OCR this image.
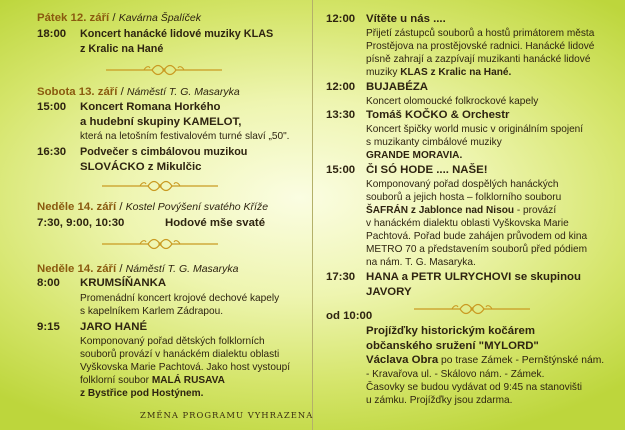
Pátek 12. září / Kavárna Špalíček
18:00 Koncert hanácké lidové muziky KLAS
z Kralic na Hané
Sobota 13. září / Náměstí T. G. Masaryka
15:00 Koncert Romana Horkého
a hudební skupiny KAMELOT,
která na letošním festivalovém turné slaví „50".
16:30 Podvečer s cimbálovou muzikou
SLOVÁCKO z Mikulčic
Neděle 14. září / Kostel Povýšení svatého Kříže
7:30, 9:00, 10:30	Hodové mše svaté
Neděle 14. září / Náměstí T. G. Masaryka
8:00 KRUMSÍŇANKA
Promenádní koncert krojové dechové kapely
s kapelníkem Karlem Zádrapou.
9:15 JARO HANÉ
Komponovaný pořad dětských folklorních
souborů provází v hanáckém dialektu oblasti
Vyškovska Marie Pachtová. Jako host vystoupí
folklorní soubor MALÁ RUSAVA
z Bystřice pod Hostýnem.
12:00 Vítěte u nás ....
Přijetí zástupců souborů a hostů primátorem města
Prostějova na prostějovské radnici. Hanácké lidové
písně zahrají a zazpívají muzikanti hanácké lidové
muziky KLAS z Kralic na Hané.
12:00 BUJABÉZA
Koncert olomoucké folkrockové kapely
13:30 Tomáš KOČKO & Orchestr
Koncert špičky world music v originálním spojení
s muzikanty cimbálové muziky
GRANDE MORAVIA.
15:00 ČI SÓ HODE .... NAŠE!
Komponovaný pořad dospělých hanáckých
souborů a jejich hosta – folklorního souboru
ŠAFRÁN z Jablonce nad Nisou - provází
v hanáckém dialektu oblasti Vyškovska Marie
Pachtová. Pořad bude zahájen průvodem od kina
METRO 70 a představením souborů před pódiem
na nám. T. G. Masaryka.
17:30 HANA a PETR ULRYCHOVI se skupinou
JAVORY
od 10:00
Projížďky historickým kočárem
občanského sružení "MYLORD"
Václava Obra po trase Zámek - Pernštýnské nám.
- Kravařova ul. - Skálovo nám. - Zámek.
Časovky se budou vydávat od 9:45 na stanovišti
u zámku. Projížďky jsou zdarma.
ZMĚNA PROGRAMU VYHRAZENA
